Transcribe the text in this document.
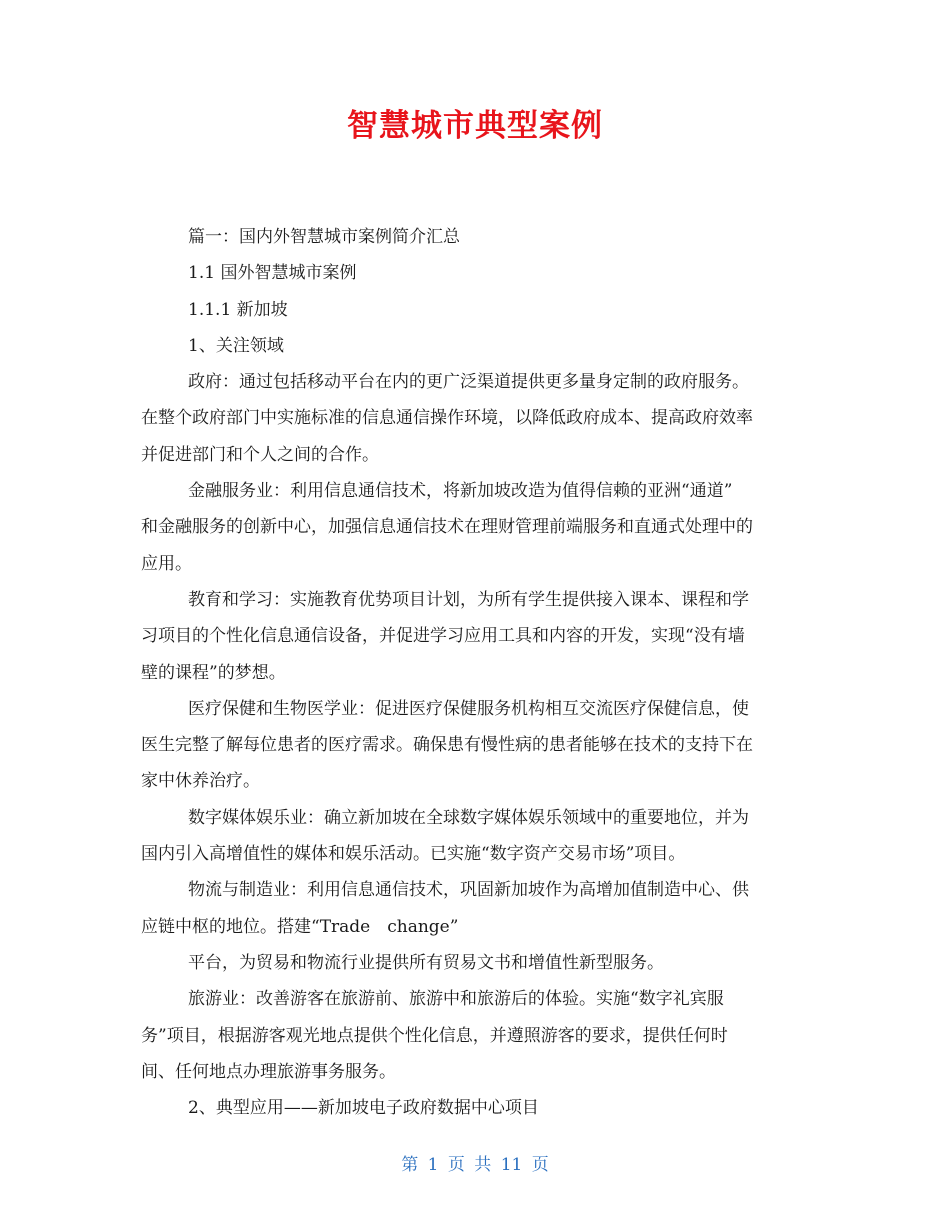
智慧城市典型案例
篇一：国内外智慧城市案例简介汇总
1.1 国外智慧城市案例
1.1.1 新加坡
1、关注领域
政府：通过包括移动平台在内的更广泛渠道提供更多量身定制的政府服务。
在整个政府部门中实施标准的信息通信操作环境，以降低政府成本、提高政府效率
并促进部门和个人之间的合作。
金融服务业：利用信息通信技术，将新加坡改造为值得信赖的亚洲“通道”
和金融服务的创新中心，加强信息通信技术在理财管理前端服务和直通式处理中的
应用。
教育和学习：实施教育优势项目计划，为所有学生提供接入课本、课程和学
习项目的个性化信息通信设备，并促进学习应用工具和内容的开发，实现“没有墙
壁的课程”的梦想。
医疗保健和生物医学业：促进医疗保健服务机构相互交流医疗保健信息，使
医生完整了解每位患者的医疗需求。确保患有慢性病的患者能够在技术的支持下在
家中休养治疗。
数字媒体娱乐业：确立新加坡在全球数字媒体娱乐领域中的重要地位，并为
国内引入高增值性的媒体和娱乐活动。已实施“数字资产交易市场”项目。
物流与制造业：利用信息通信技术，巩固新加坡作为高增加值制造中心、供
应链中枢的地位。搭建“Trade　change”
平台，为贸易和物流行业提供所有贸易文书和增值性新型服务。
旅游业：改善游客在旅游前、旅游中和旅游后的体验。实施“数字礼宾服
务”项目，根据游客观光地点提供个性化信息，并遵照游客的要求，提供任何时
间、任何地点办理旅游事务服务。
2、典型应用——新加坡电子政府数据中心项目
第 1 页 共 11 页
